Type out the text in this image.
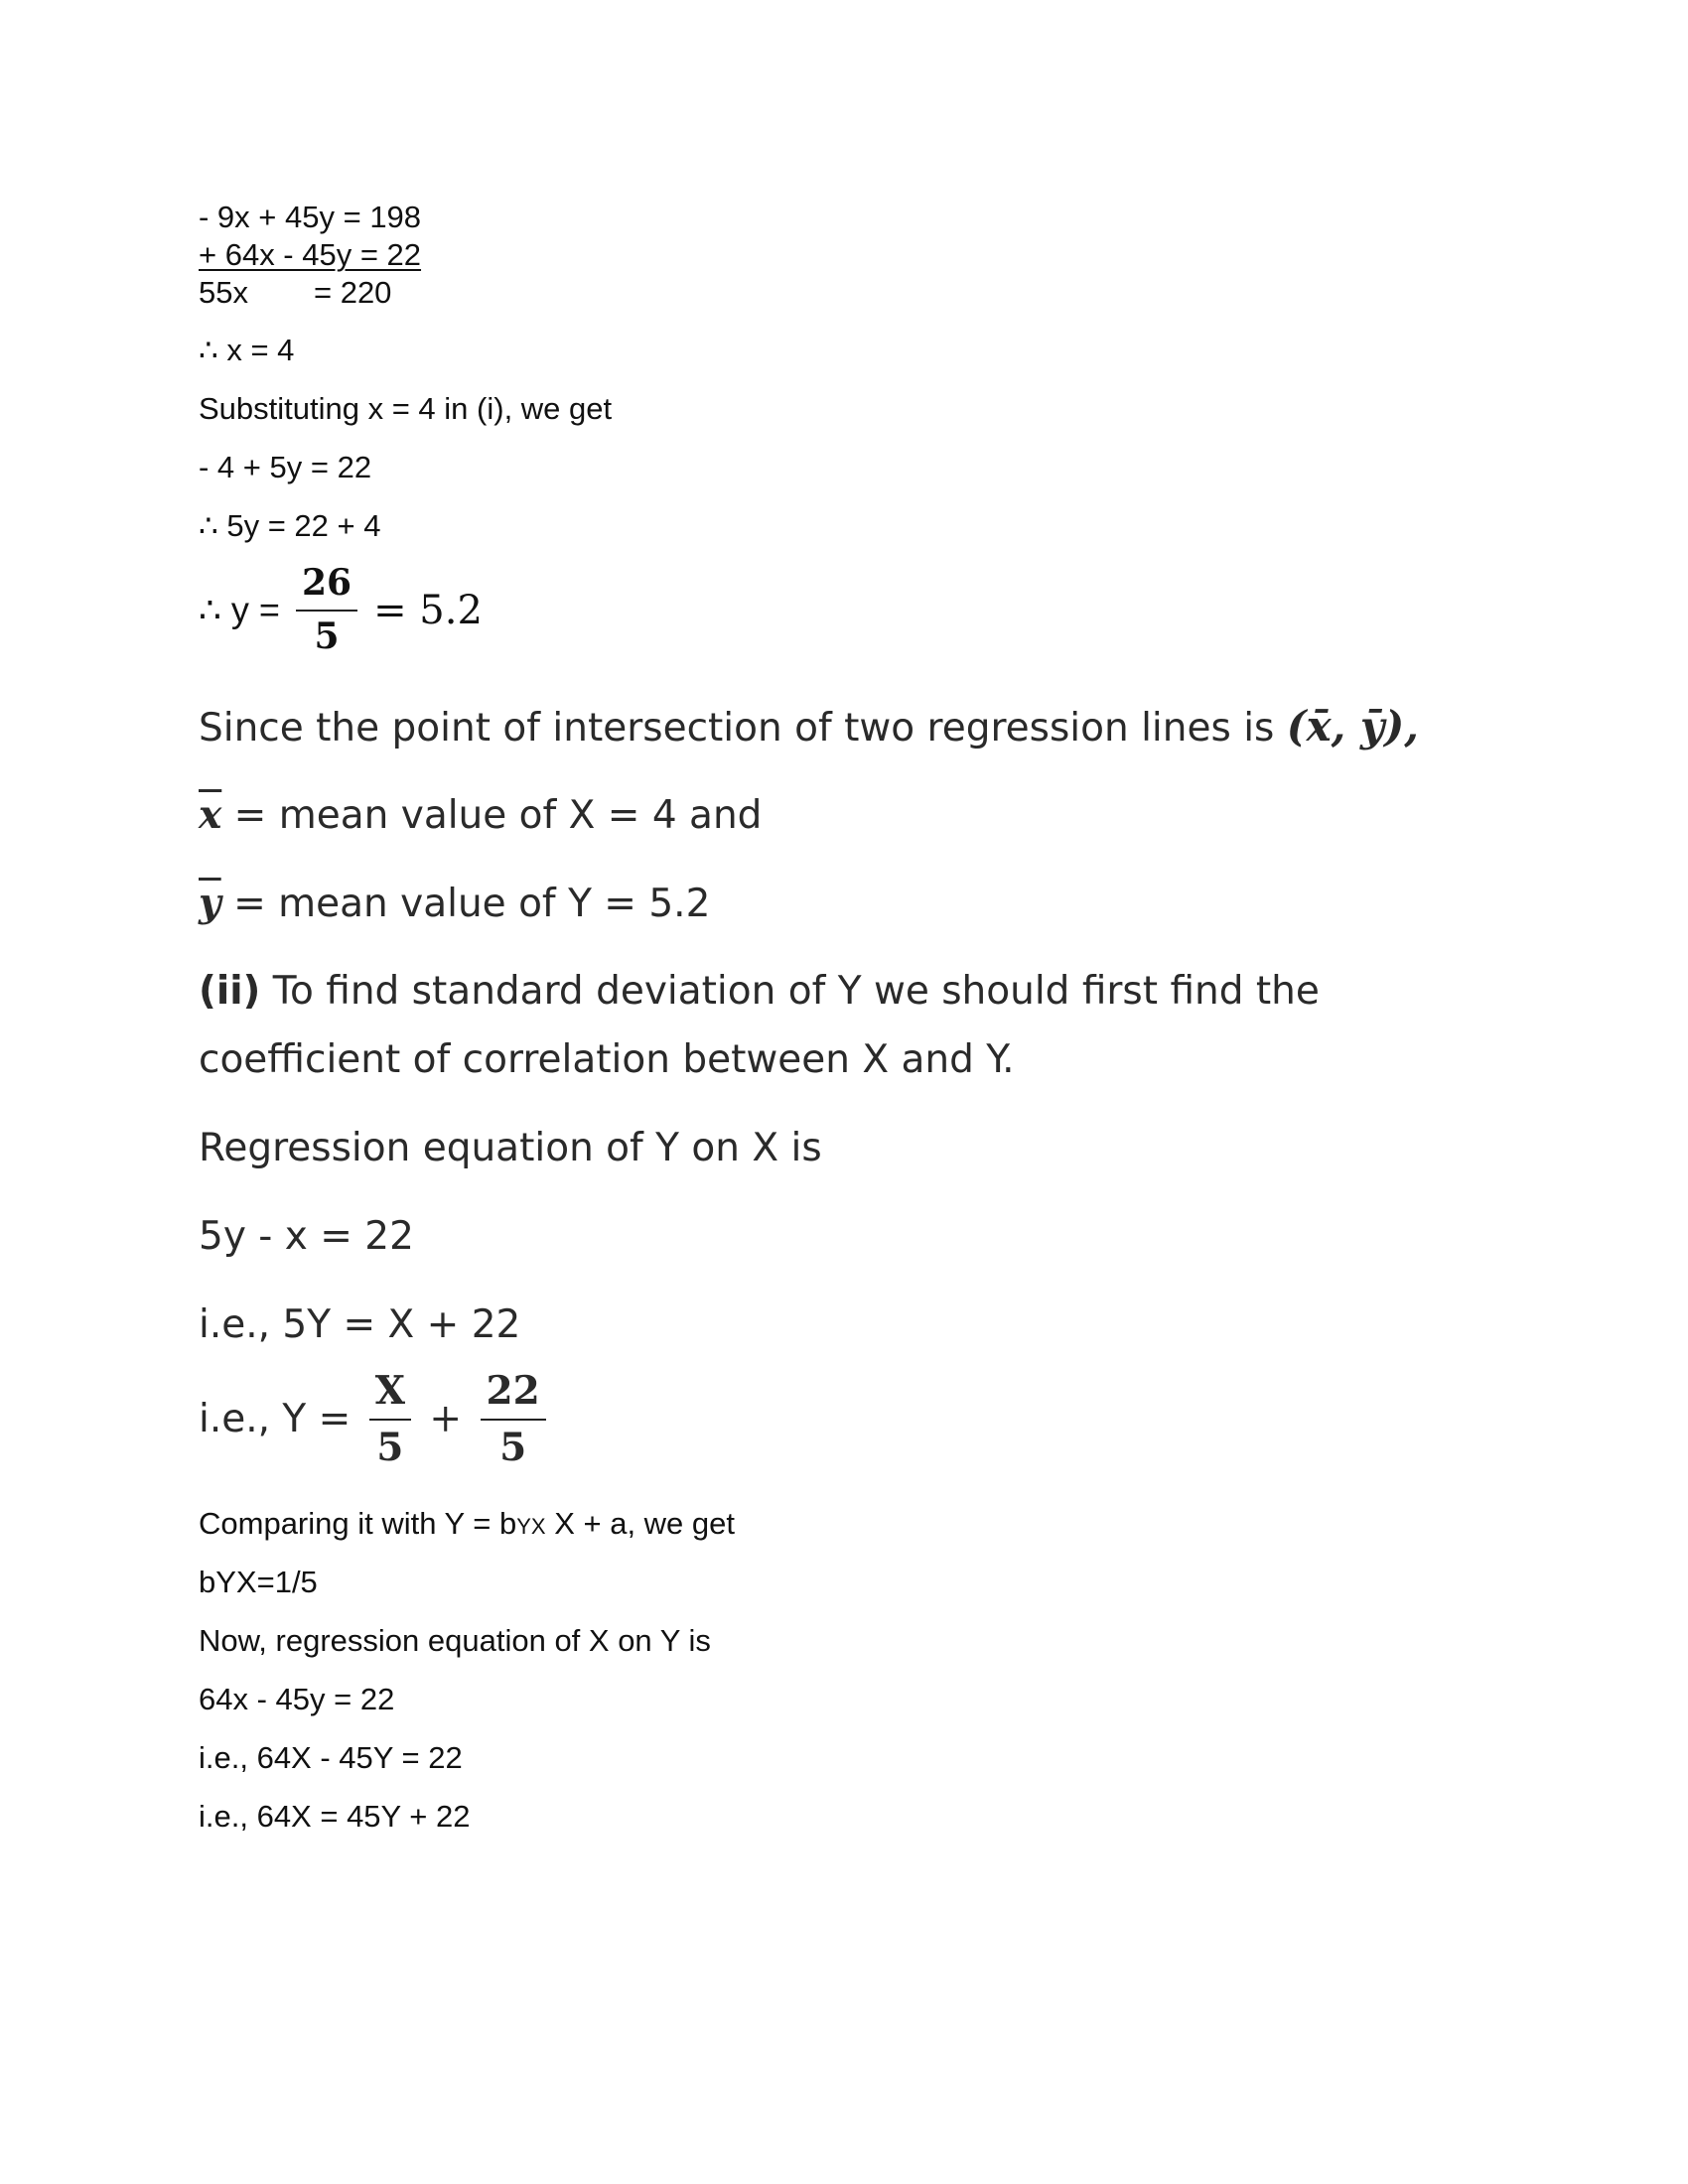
- 9x + 45y = 198
+ 64x - 45y = 22
55x = 220
∴ x = 4
Substituting x = 4 in (i), we get
- 4 + 5y = 22
∴ 5y = 22 + 4
∴ $y = \frac{26}{5} = 5.2$
Since the point of intersection of two regression lines is (x̄, ȳ),
$\overline{x}$ = mean value of X = 4 and
$\overline{y}$ = mean value of Y = 5.2
(ii) To find standard deviation of Y we should first find the
coefficient of correlation between X and Y.
Regression equation of Y on X is
5y - x = 22
i.e., 5Y = X + 22
i.e., $Y = \frac{X}{5} + \frac{22}{5}$
Comparing it with Y = bYX X + a, we get
bYX=1/5
Now, regression equation of X on Y is
64x - 45y = 22
i.e., 64X - 45Y = 22
i.e., 64X = 45Y + 22
